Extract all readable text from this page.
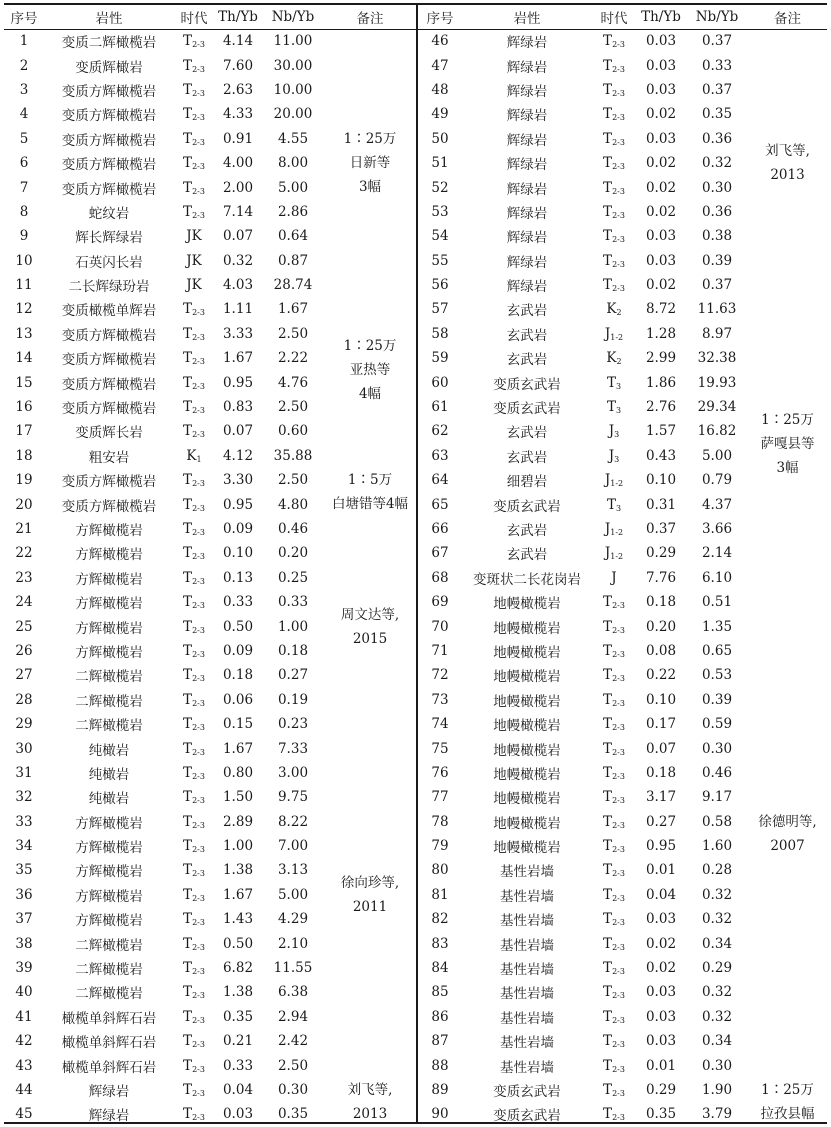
序号	岩性	时代	Th/Yb	Nb/Yb	备注
1	变质二辉橄榄岩	$T_{2-3}$	4.14	11.00	1∶25万
日新等
3幅

2	变质辉橄岩	$T_{2-3}$	7.60	30.00	
3	变质方辉橄榄岩	$T_{2-3}$	2.63	10.00	
4	变质方辉橄榄岩	$T_{2-3}$	4.33	20.00	
5	变质方辉橄榄岩	$T_{2-3}$	0.91	4.55	
6	变质方辉橄榄岩	$T_{2-3}$	4.00	8.00	
7	变质方辉橄榄岩	$T_{2-3}$	2.00	5.00	
8	蛇纹岩	$T_{2-3}$	7.14	2.86	
9	辉长辉绿岩	JK	0.07	0.64	
10	石英闪长岩	JK	0.32	0.87	
11	二长辉绿玢岩	JK	4.03	28.74	
12	变质橄榄单辉岩	$T_{2-3}$	1.11	1.67	1∶25万
亚热等
4幅

13	变质方辉橄榄岩	$T_{2-3}$	3.33	2.50	
14	变质方辉橄榄岩	$T_{2-3}$	1.67	2.22	
15	变质方辉橄榄岩	$T_{2-3}$	0.95	4.76	
16	变质方辉橄榄岩	$T_{2-3}$	0.83	2.50	
17	变质辉长岩	$T_{2-3}$	0.07	0.60	
18	粗安岩	$K_1$	4.12	35.88	
19	变质方辉橄榄岩	$T_{2-3}$	3.30	2.50	1∶5万
白塘错等4幅

20	变质方辉橄榄岩	$T_{2-3}$	0.95	4.80	
21	方辉橄榄岩	$T_{2-3}$	0.09	0.46	周文达等,
2015

22	方辉橄榄岩	$T_{2-3}$	0.10	0.20	
23	方辉橄榄岩	$T_{2-3}$	0.13	0.25	
24	方辉橄榄岩	$T_{2-3}$	0.33	0.33	
25	方辉橄榄岩	$T_{2-3}$	0.50	1.00	
26	方辉橄榄岩	$T_{2-3}$	0.09	0.18	
27	二辉橄榄岩	$T_{2-3}$	0.18	0.27	
28	二辉橄榄岩	$T_{2-3}$	0.06	0.19	
29	二辉橄榄岩	$T_{2-3}$	0.15	0.23	
30	纯橄岩	$T_{2-3}$	1.67	7.33	徐向珍等,
2011

31	纯橄岩	$T_{2-3}$	0.80	3.00	
32	纯橄岩	$T_{2-3}$	1.50	9.75	
33	方辉橄榄岩	$T_{2-3}$	2.89	8.22	
34	方辉橄榄岩	$T_{2-3}$	1.00	7.00	
35	方辉橄榄岩	$T_{2-3}$	1.38	3.13	
36	方辉橄榄岩	$T_{2-3}$	1.67	5.00	
37	方辉橄榄岩	$T_{2-3}$	1.43	4.29	
38	二辉橄榄岩	$T_{2-3}$	0.50	2.10	
39	二辉橄榄岩	$T_{2-3}$	6.82	11.55	
40	二辉橄榄岩	$T_{2-3}$	1.38	6.38	
41	橄榄单斜辉石岩	$T_{2-3}$	0.35	2.94	
42	橄榄单斜辉石岩	$T_{2-3}$	0.21	2.42	
43	橄榄单斜辉石岩	$T_{2-3}$	0.33	2.50	
44	辉绿岩	$T_{2-3}$	0.04	0.30	刘飞等,
2013

45	辉绿岩	$T_{2-3}$	0.03	0.35	
序号	岩性	时代	Th/Yb	Nb/Yb	备注
46	辉绿岩	$T_{2-3}$	0.03	0.37	刘飞等,
2013

47	辉绿岩	$T_{2-3}$	0.03	0.33	
48	辉绿岩	$T_{2-3}$	0.03	0.37	
49	辉绿岩	$T_{2-3}$	0.02	0.35	
50	辉绿岩	$T_{2-3}$	0.03	0.36	
51	辉绿岩	$T_{2-3}$	0.02	0.32	
52	辉绿岩	$T_{2-3}$	0.02	0.30	
53	辉绿岩	$T_{2-3}$	0.02	0.36	
54	辉绿岩	$T_{2-3}$	0.03	0.38	
55	辉绿岩	$T_{2-3}$	0.03	0.39	
56	辉绿岩	$T_{2-3}$	0.02	0.37	
57	玄武岩	$K_2$	8.72	11.63	1∶25万
萨嘎县等
3幅

58	玄武岩	$J_{1-2}$	1.28	8.97	
59	玄武岩	$K_2$	2.99	32.38	
60	变质玄武岩	$T_3$	1.86	19.93	
61	变质玄武岩	$T_3$	2.76	29.34	
62	玄武岩	$J_3$	1.57	16.82	
63	玄武岩	$J_3$	0.43	5.00	
64	细碧岩	$J_{1-2}$	0.10	0.79	
65	变质玄武岩	$T_3$	0.31	4.37	
66	玄武岩	$J_{1-2}$	0.37	3.66	
67	玄武岩	$J_{1-2}$	0.29	2.14	
68	变斑状二长花岗岩	J	7.76	6.10	
69	地幔橄榄岩	$T_{2-3}$	0.18	0.51	徐德明等,
2007

70	地幔橄榄岩	$T_{2-3}$	0.20	1.35	
71	地幔橄榄岩	$T_{2-3}$	0.08	0.65	
72	地幔橄榄岩	$T_{2-3}$	0.22	0.53	
73	地幔橄榄岩	$T_{2-3}$	0.10	0.39	
74	地幔橄榄岩	$T_{2-3}$	0.17	0.59	
75	地幔橄榄岩	$T_{2-3}$	0.07	0.30	
76	地幔橄榄岩	$T_{2-3}$	0.18	0.46	
77	地幔橄榄岩	$T_{2-3}$	3.17	9.17	
78	地幔橄榄岩	$T_{2-3}$	0.27	0.58	
79	地幔橄榄岩	$T_{2-3}$	0.95	1.60	
80	基性岩墙	$T_{2-3}$	0.01	0.28	
81	基性岩墙	$T_{2-3}$	0.04	0.32	
82	基性岩墙	$T_{2-3}$	0.03	0.32	
83	基性岩墙	$T_{2-3}$	0.02	0.34	
84	基性岩墙	$T_{2-3}$	0.02	0.29	
85	基性岩墙	$T_{2-3}$	0.03	0.32	
86	基性岩墙	$T_{2-3}$	0.03	0.32	
87	基性岩墙	$T_{2-3}$	0.03	0.34	
88	基性岩墙	$T_{2-3}$	0.01	0.30	
89	变质玄武岩	$T_{2-3}$	0.29	1.90	1∶25万
拉孜县幅

90	变质玄武岩	$T_{2-3}$	0.35	3.79	
